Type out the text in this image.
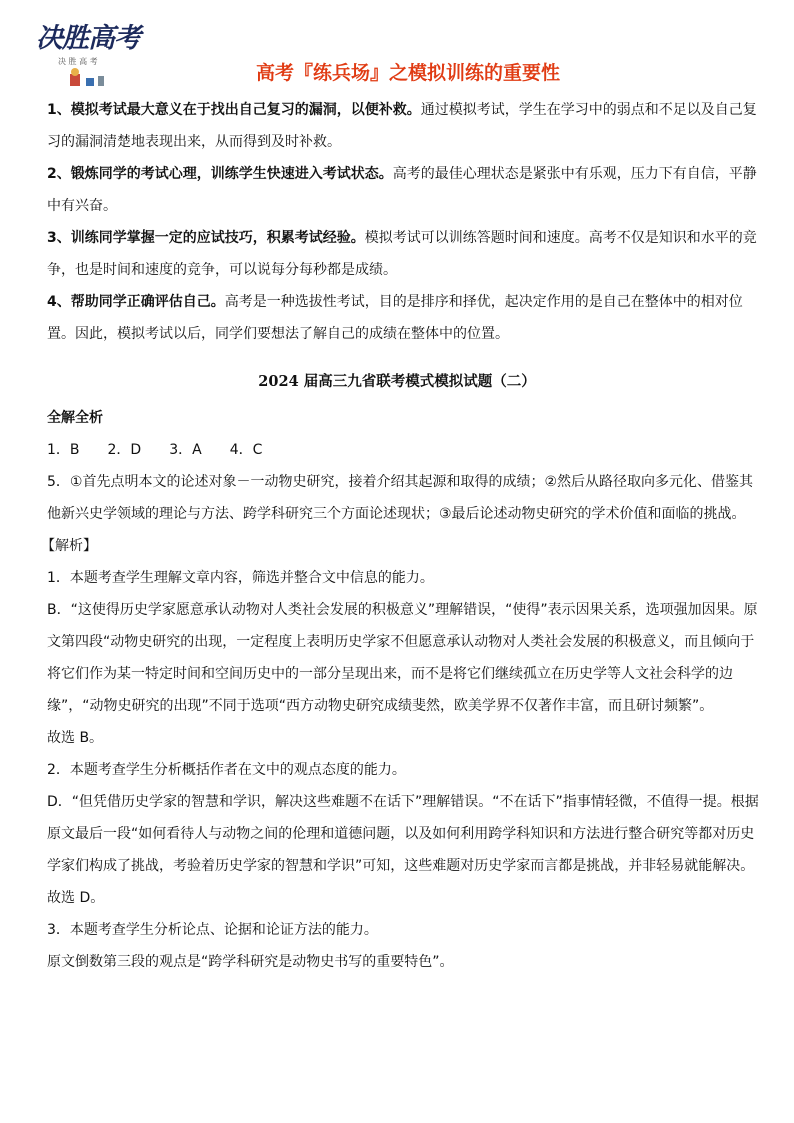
决胜高考
决 胜 高 考
高考『练兵场』之模拟训练的重要性

1、模拟考试最大意义在于找出自己复习的漏洞，以便补救。通过模拟考试，学生在学习中的弱点和不足以及自己复习的漏洞清楚地表现出来，从而得到及时补救。

2、锻炼同学的考试心理，训练学生快速进入考试状态。高考的最佳心理状态是紧张中有乐观，压力下有自信，平静中有兴奋。

3、训练同学掌握一定的应试技巧，积累考试经验。模拟考试可以训练答题时间和速度。高考不仅是知识和水平的竞争，也是时间和速度的竞争，可以说每分每秒都是成绩。

4、帮助同学正确评估自己。高考是一种选拔性考试，目的是排序和择优，起决定作用的是自己在整体中的相对位置。因此，模拟考试以后，同学们要想法了解自己的成绩在整体中的位置。

2024 届高三九省联考模式模拟试题（二）

全解全析

1．B 2．D 3．A 4．C

5．①首先点明本文的论述对象－一动物史研究，接着介绍其起源和取得的成绩；②然后从路径取向多元化、借鉴其他新兴史学领域的理论与方法、跨学科研究三个方面论述现状；③最后论述动物史研究的学术价值和面临的挑战。

【解析】

1．本题考查学生理解文章内容，筛选并整合文中信息的能力。

B．“这使得历史学家愿意承认动物对人类社会发展的积极意义”理解错误，“使得”表示因果关系，选项强加因果。原文第四段“动物史研究的出现，一定程度上表明历史学家不但愿意承认动物对人类社会发展的积极意义，而且倾向于将它们作为某一特定时间和空间历史中的一部分呈现出来，而不是将它们继续孤立在历史学等人文社会科学的边缘”，“动物史研究的出现”不同于选项“西方动物史研究成绩斐然，欧美学界不仅著作丰富，而且研讨频繁”。

故选 B。

2．本题考查学生分析概括作者在文中的观点态度的能力。

D．“但凭借历史学家的智慧和学识，解决这些难题不在话下”理解错误。“不在话下”指事情轻微，不值得一提。根据原文最后一段“如何看待人与动物之间的伦理和道德问题，以及如何利用跨学科知识和方法进行整合研究等都对历史学家们构成了挑战，考验着历史学家的智慧和学识”可知，这些难题对历史学家而言都是挑战，并非轻易就能解决。

故选 D。

3．本题考查学生分析论点、论据和论证方法的能力。

原文倒数第三段的观点是“跨学科研究是动物史书写的重要特色”。
